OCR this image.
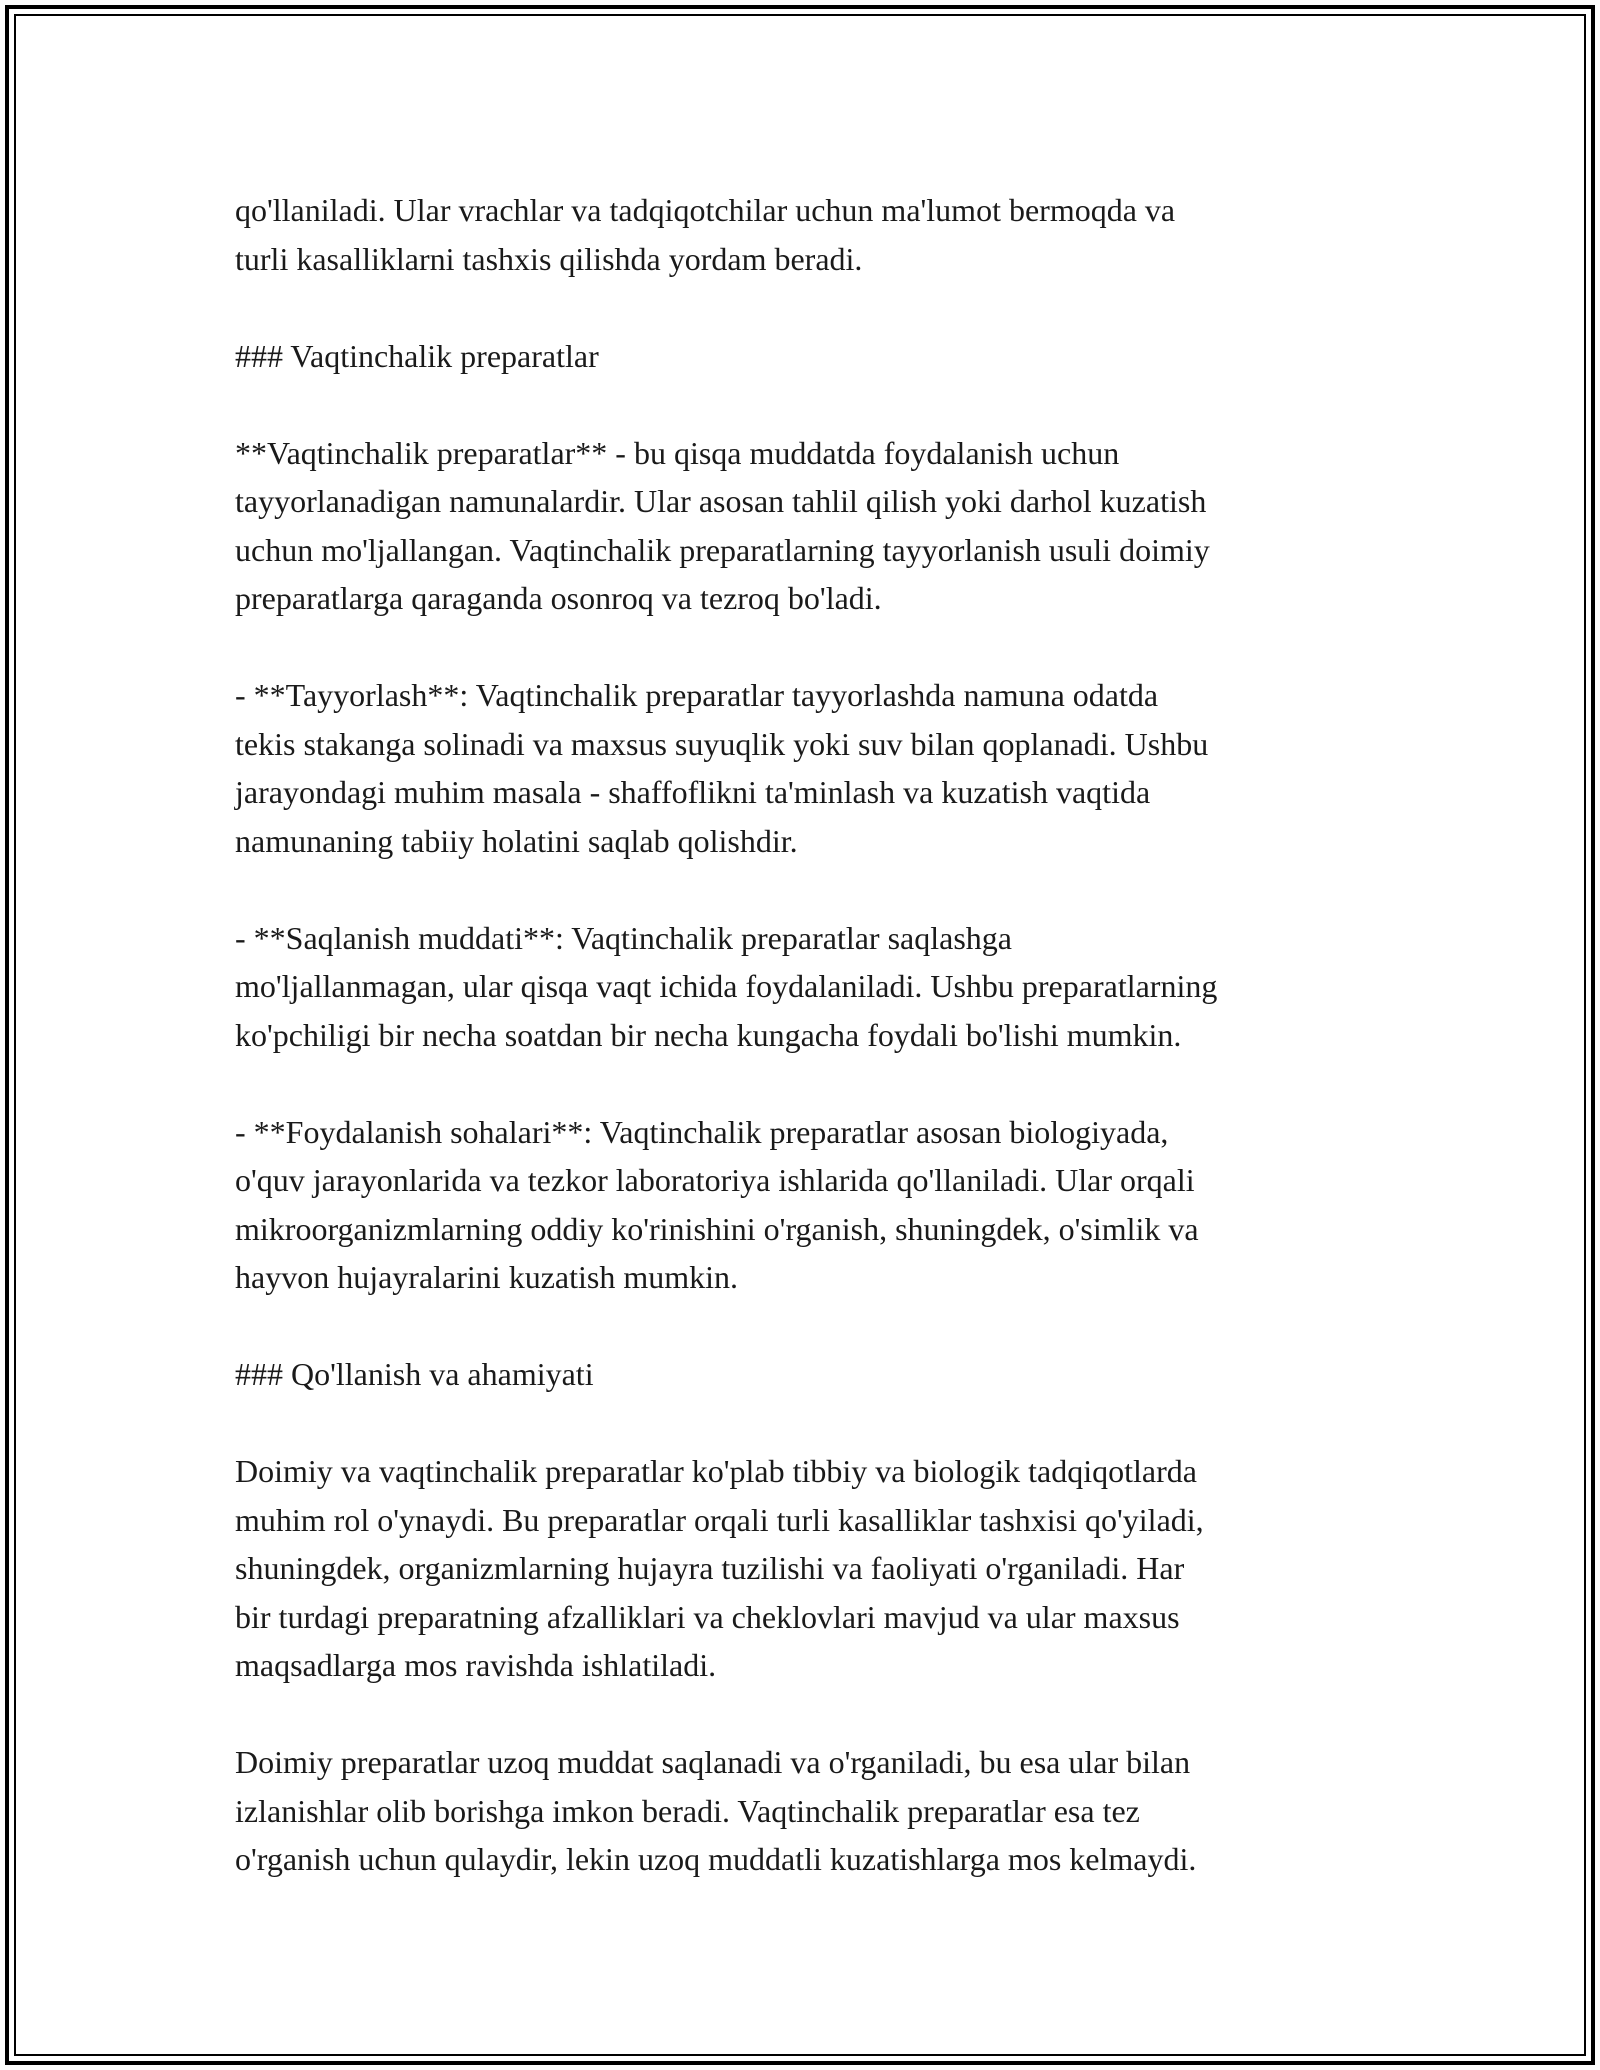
qo'llaniladi. Ular vrachlar va tadqiqotchilar uchun ma'lumot bermoqda va
turli kasalliklarni tashxis qilishda yordam beradi.

### Vaqtinchalik preparatlar

**Vaqtinchalik preparatlar** - bu qisqa muddatda foydalanish uchun
tayyorlanadigan namunalardir. Ular asosan tahlil qilish yoki darhol kuzatish
uchun mo'ljallangan. Vaqtinchalik preparatlarning tayyorlanish usuli doimiy
preparatlarga qaraganda osonroq va tezroq bo'ladi.

- **Tayyorlash**: Vaqtinchalik preparatlar tayyorlashda namuna odatda
tekis stakanga solinadi va maxsus suyuqlik yoki suv bilan qoplanadi. Ushbu
jarayondagi muhim masala - shaffoflikni ta'minlash va kuzatish vaqtida
namunaning tabiiy holatini saqlab qolishdir.

- **Saqlanish muddati**: Vaqtinchalik preparatlar saqlashga
mo'ljallanmagan, ular qisqa vaqt ichida foydalaniladi. Ushbu preparatlarning
ko'pchiligi bir necha soatdan bir necha kungacha foydali bo'lishi mumkin.

- **Foydalanish sohalari**: Vaqtinchalik preparatlar asosan biologiyada,
o'quv jarayonlarida va tezkor laboratoriya ishlarida qo'llaniladi. Ular orqali
mikroorganizmlarning oddiy ko'rinishini o'rganish, shuningdek, o'simlik va
hayvon hujayralarini kuzatish mumkin.

### Qo'llanish va ahamiyati

Doimiy va vaqtinchalik preparatlar ko'plab tibbiy va biologik tadqiqotlarda
muhim rol o'ynaydi. Bu preparatlar orqali turli kasalliklar tashxisi qo'yiladi,
shuningdek, organizmlarning hujayra tuzilishi va faoliyati o'rganiladi. Har
bir turdagi preparatning afzalliklari va cheklovlari mavjud va ular maxsus
maqsadlarga mos ravishda ishlatiladi.

Doimiy preparatlar uzoq muddat saqlanadi va o'rganiladi, bu esa ular bilan
izlanishlar olib borishga imkon beradi. Vaqtinchalik preparatlar esa tez
o'rganish uchun qulaydir, lekin uzoq muddatli kuzatishlarga mos kelmaydi.
